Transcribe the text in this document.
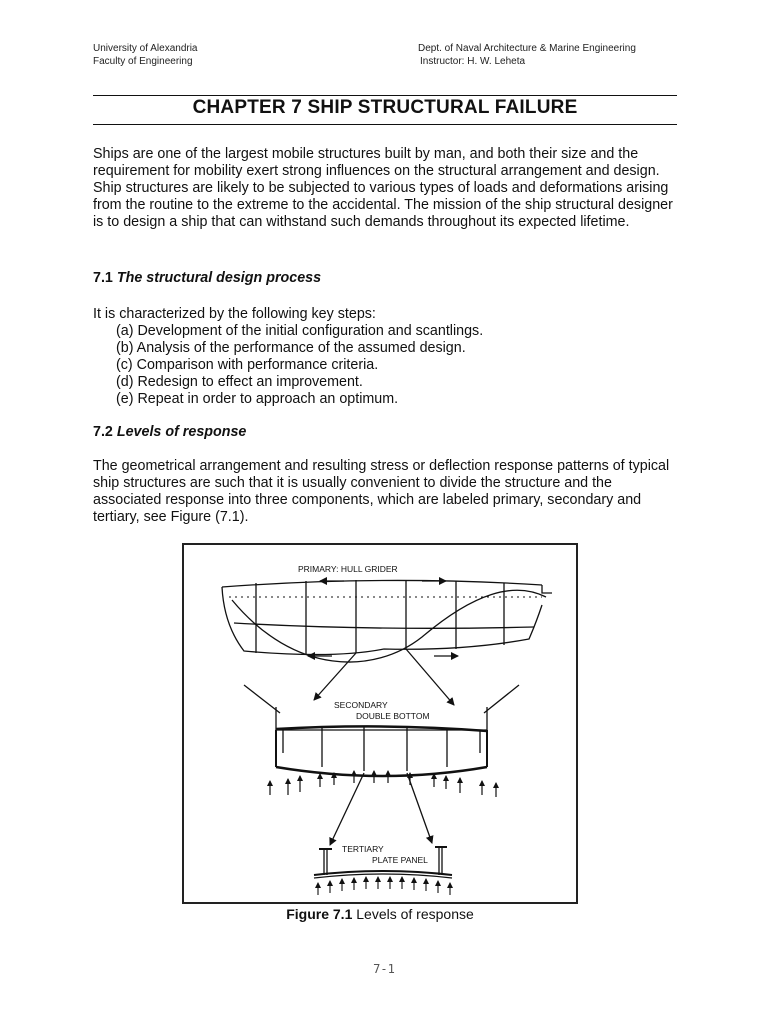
University of Alexandria
Faculty of Engineering
Dept. of Naval Architecture & Marine Engineering
Instructor: H. W. Leheta
CHAPTER 7 SHIP STRUCTURAL FAILURE

Ships are one of the largest mobile structures built by man, and both their size and the requirement for mobility exert strong influences on the structural arrangement and design. Ship structures are likely to be subjected to various types of loads and deformations arising from the routine to the extreme to the accidental. The mission of the ship structural designer is to design a ship that can withstand such demands throughout its expected lifetime.

7.1 The structural design process

It is characterized by the following key steps:

(a) Development of the initial configuration and scantlings.
(b) Analysis of the performance of the assumed design.
(c) Comparison with performance criteria.
(d) Redesign to effect an improvement.
(e) Repeat in order to approach an optimum.
7.2 Levels of response

The geometrical arrangement and resulting stress or deflection response patterns of typical ship structures are such that it is usually convenient to divide the structure and the associated response into three components, which are labeled primary, secondary and tertiary, see Figure (7.1).

PRIMARY: HULL GRIDER
SECONDARY
DOUBLE BOTTOM
TERTIARY
PLATE PANEL
Figure 7.1 Levels of response
7-1
